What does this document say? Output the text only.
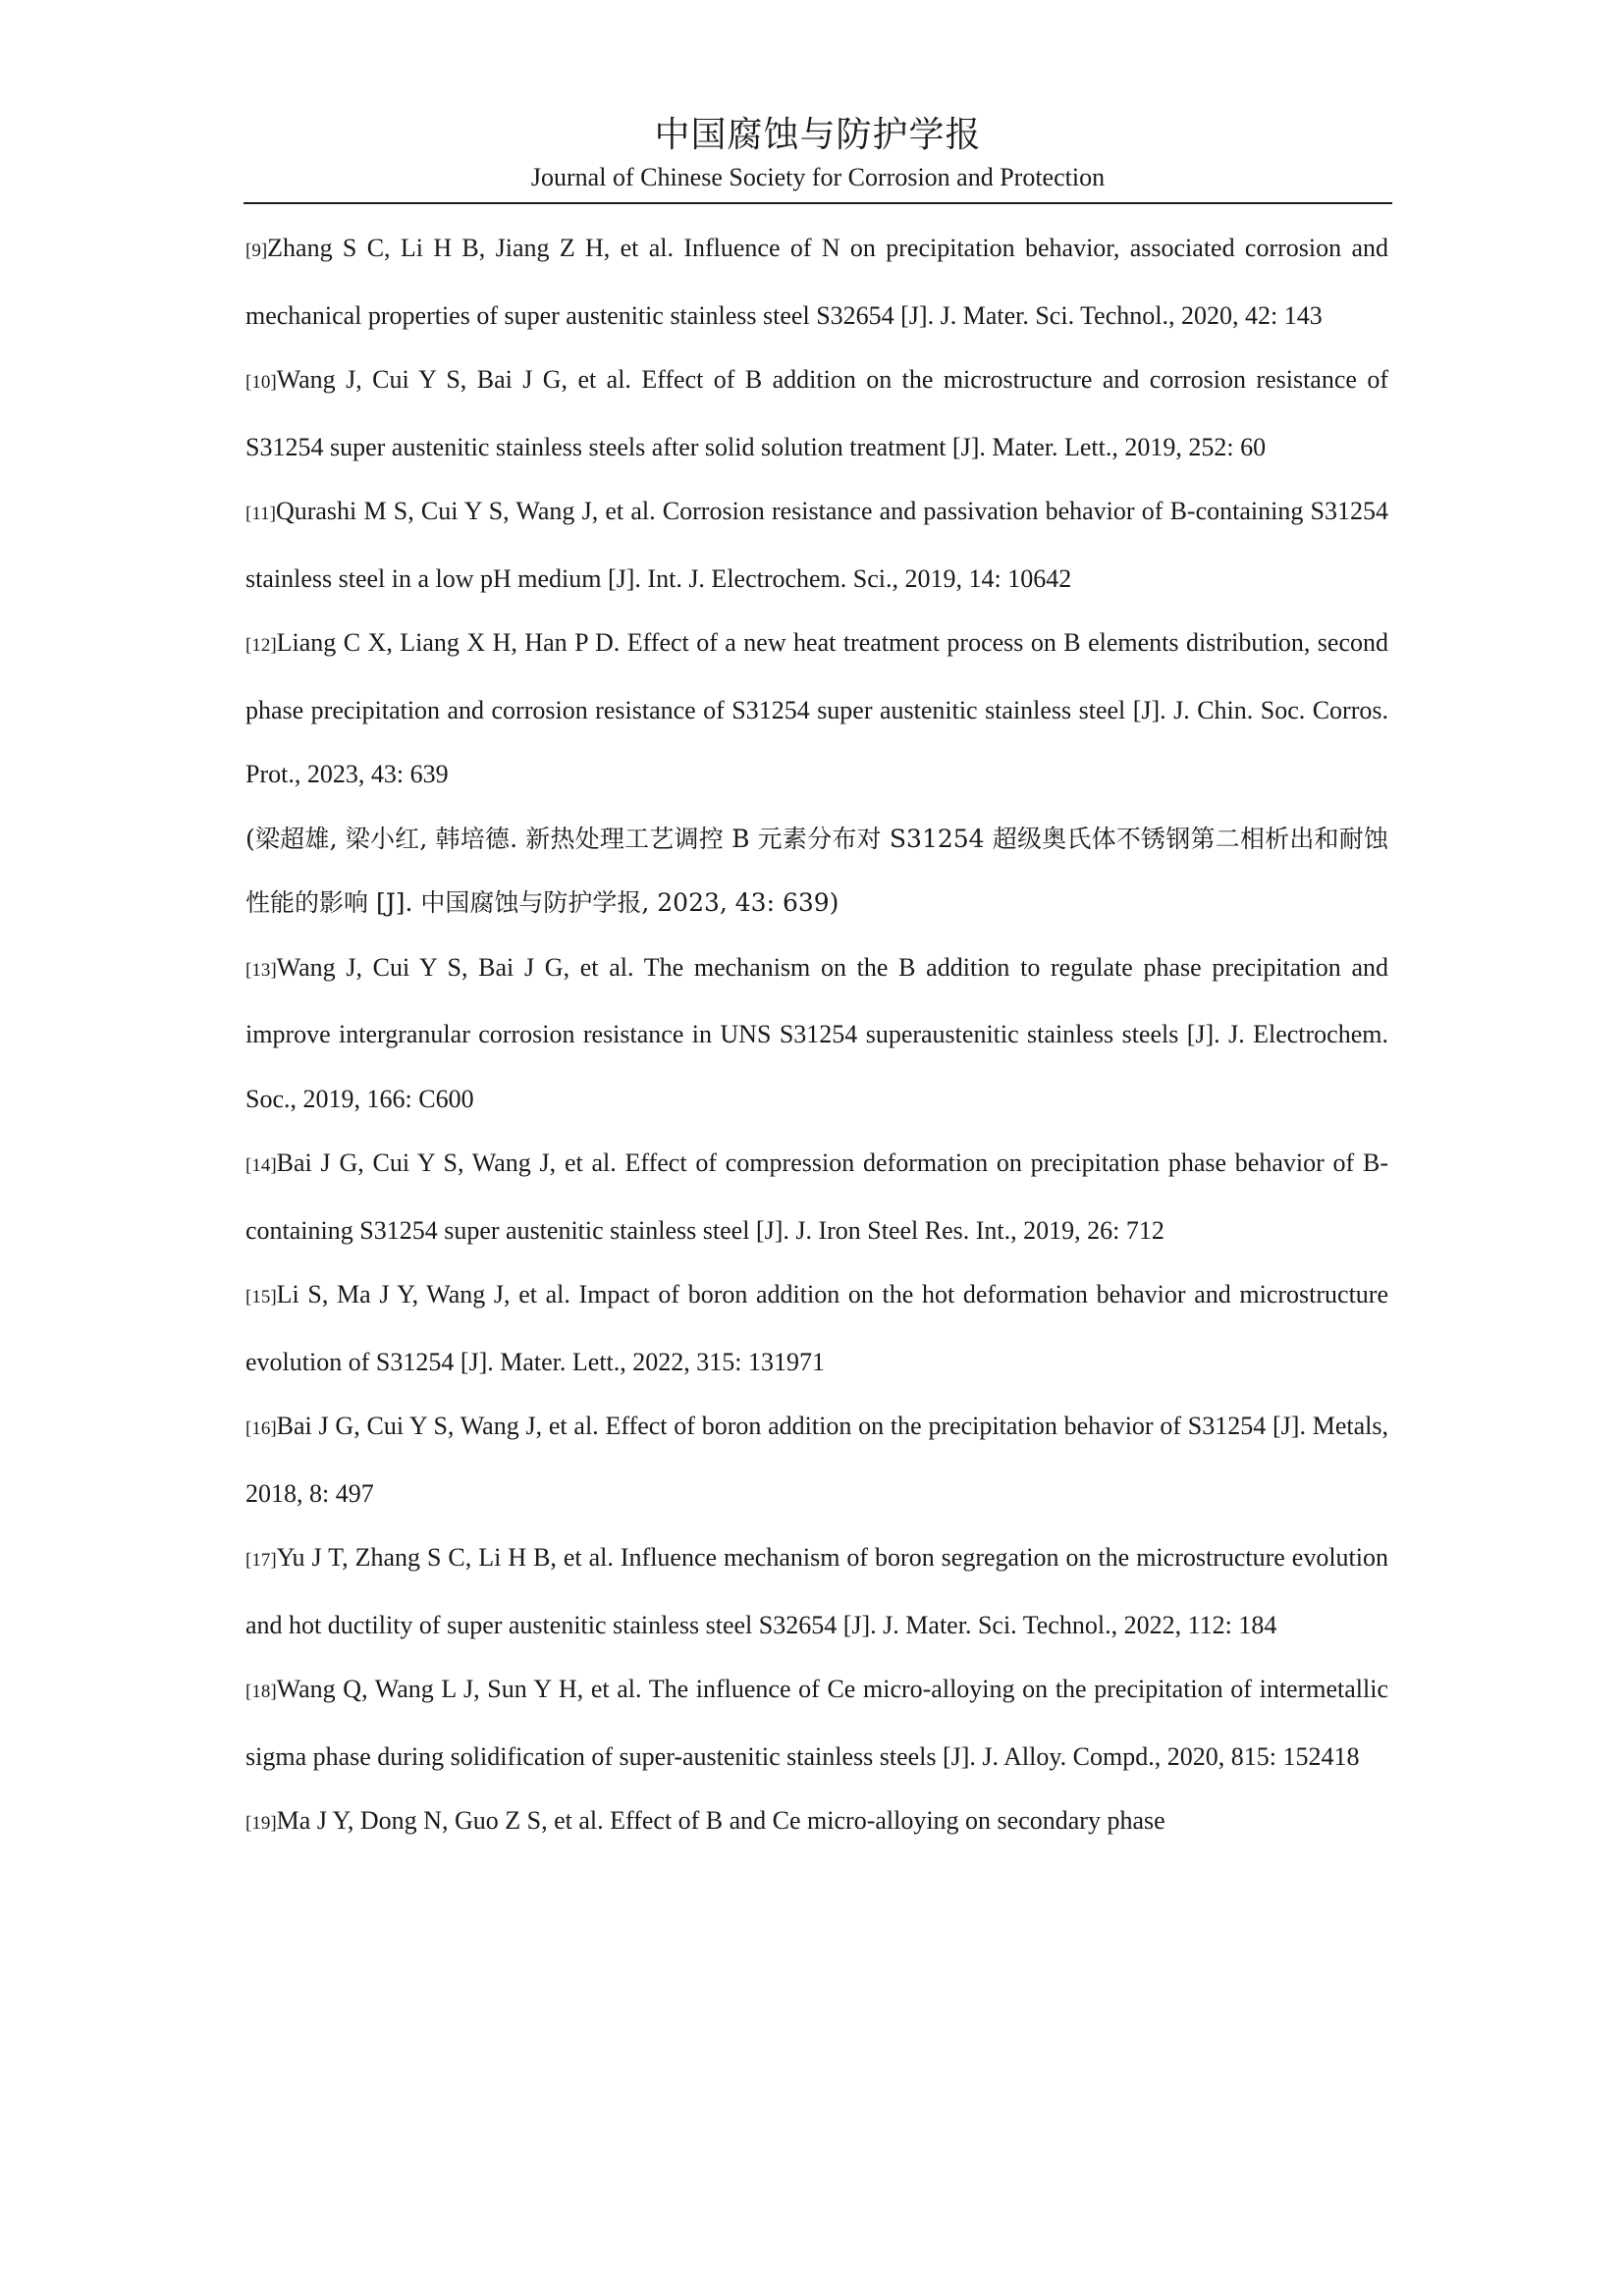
中国腐蚀与防护学报
Journal of Chinese Society for Corrosion and Protection
[9]Zhang S C, Li H B, Jiang Z H, et al. Influence of N on precipitation behavior, associated corrosion and mechanical properties of super austenitic stainless steel S32654 [J]. J. Mater. Sci. Technol., 2020, 42: 143
[10]Wang J, Cui Y S, Bai J G, et al. Effect of B addition on the microstructure and corrosion resistance of S31254 super austenitic stainless steels after solid solution treatment [J]. Mater. Lett., 2019, 252: 60
[11]Qurashi M S, Cui Y S, Wang J, et al. Corrosion resistance and passivation behavior of B-containing S31254 stainless steel in a low pH medium [J]. Int. J. Electrochem. Sci., 2019, 14: 10642
[12]Liang C X, Liang X H, Han P D. Effect of a new heat treatment process on B elements distribution, second phase precipitation and corrosion resistance of S31254 super austenitic stainless steel [J]. J. Chin. Soc. Corros. Prot., 2023, 43: 639
(梁超雄, 梁小红, 韩培德. 新热处理工艺调控 B 元素分布对 S31254 超级奥氏体不锈钢第二相析出和耐蚀性能的影响 [J]. 中国腐蚀与防护学报, 2023, 43: 639)
[13]Wang J, Cui Y S, Bai J G, et al. The mechanism on the B addition to regulate phase precipitation and improve intergranular corrosion resistance in UNS S31254 superaustenitic stainless steels [J]. J. Electrochem. Soc., 2019, 166: C600
[14]Bai J G, Cui Y S, Wang J, et al. Effect of compression deformation on precipitation phase behavior of B-containing S31254 super austenitic stainless steel [J]. J. Iron Steel Res. Int., 2019, 26: 712
[15]Li S, Ma J Y, Wang J, et al. Impact of boron addition on the hot deformation behavior and microstructure evolution of S31254 [J]. Mater. Lett., 2022, 315: 131971
[16]Bai J G, Cui Y S, Wang J, et al. Effect of boron addition on the precipitation behavior of S31254 [J]. Metals, 2018, 8: 497
[17]Yu J T, Zhang S C, Li H B, et al. Influence mechanism of boron segregation on the microstructure evolution and hot ductility of super austenitic stainless steel S32654 [J]. J. Mater. Sci. Technol., 2022, 112: 184
[18]Wang Q, Wang L J, Sun Y H, et al. The influence of Ce micro-alloying on the precipitation of intermetallic sigma phase during solidification of super-austenitic stainless steels [J]. J. Alloy. Compd., 2020, 815: 152418
[19]Ma J Y, Dong N, Guo Z S, et al. Effect of B and Ce micro-alloying on secondary phase
